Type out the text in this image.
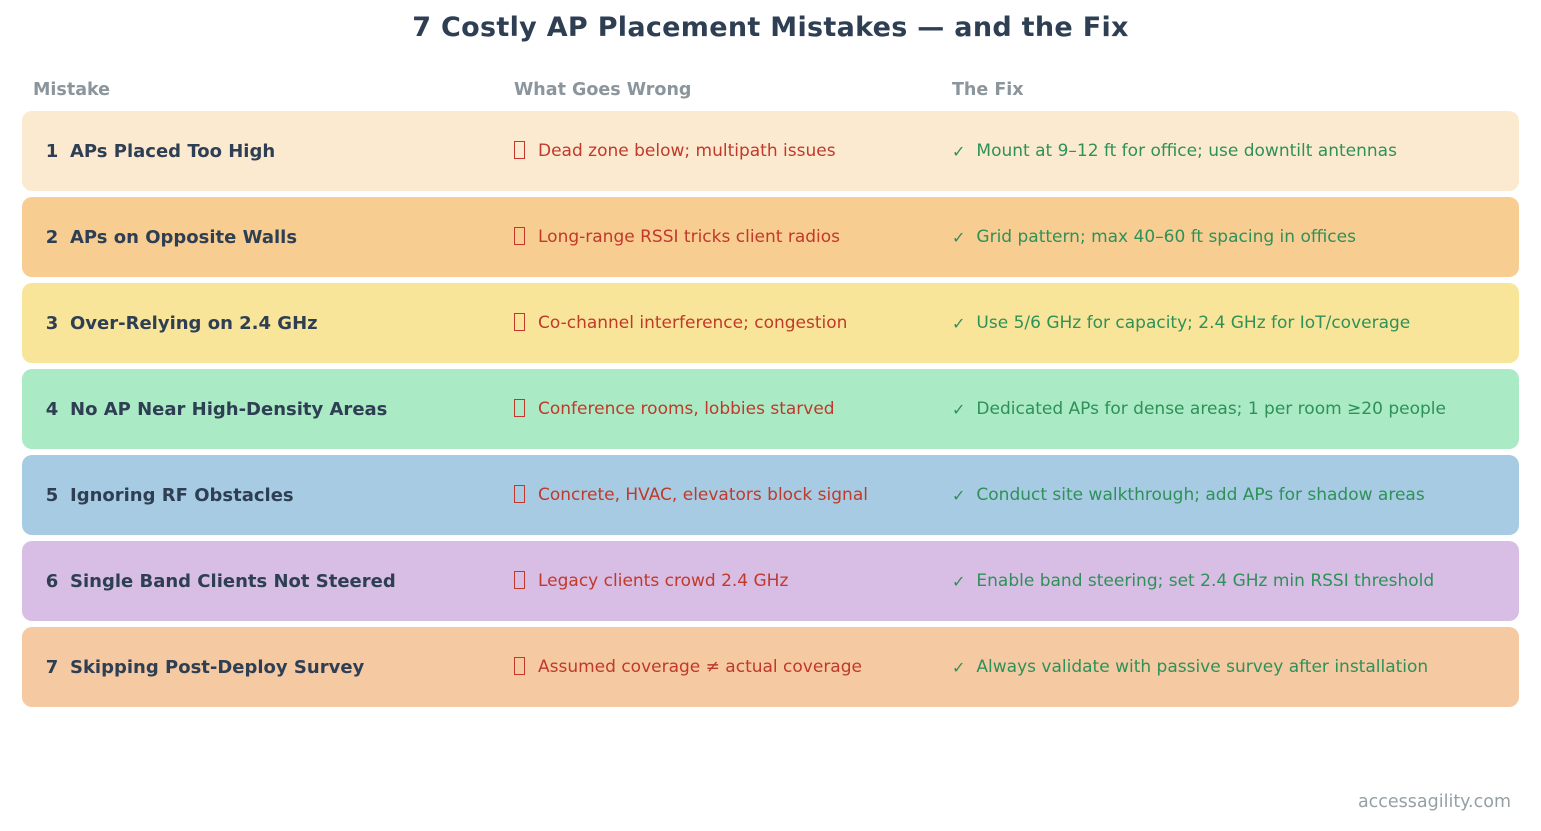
7 Costly AP Placement Mistakes — and the Fix
Mistake	What Goes Wrong	The Fix
1 APs Placed Too High	Dead zone below; multipath issues	✓ Mount at 9–12 ft for office; use downtilt antennas
2 APs on Opposite Walls	Long-range RSSI tricks client radios	✓ Grid pattern; max 40–60 ft spacing in offices
3 Over-Relying on 2.4 GHz	Co-channel interference; congestion	✓ Use 5/6 GHz for capacity; 2.4 GHz for IoT/coverage
4 No AP Near High-Density Areas	Conference rooms, lobbies starved	✓ Dedicated APs for dense areas; 1 per room ≥20 people
5 Ignoring RF Obstacles	Concrete, HVAC, elevators block signal	✓ Conduct site walkthrough; add APs for shadow areas
6 Single Band Clients Not Steered	Legacy clients crowd 2.4 GHz	✓ Enable band steering; set 2.4 GHz min RSSI threshold
7 Skipping Post-Deploy Survey	Assumed coverage ≠ actual coverage	✓ Always validate with passive survey after installation
accessagility.com
